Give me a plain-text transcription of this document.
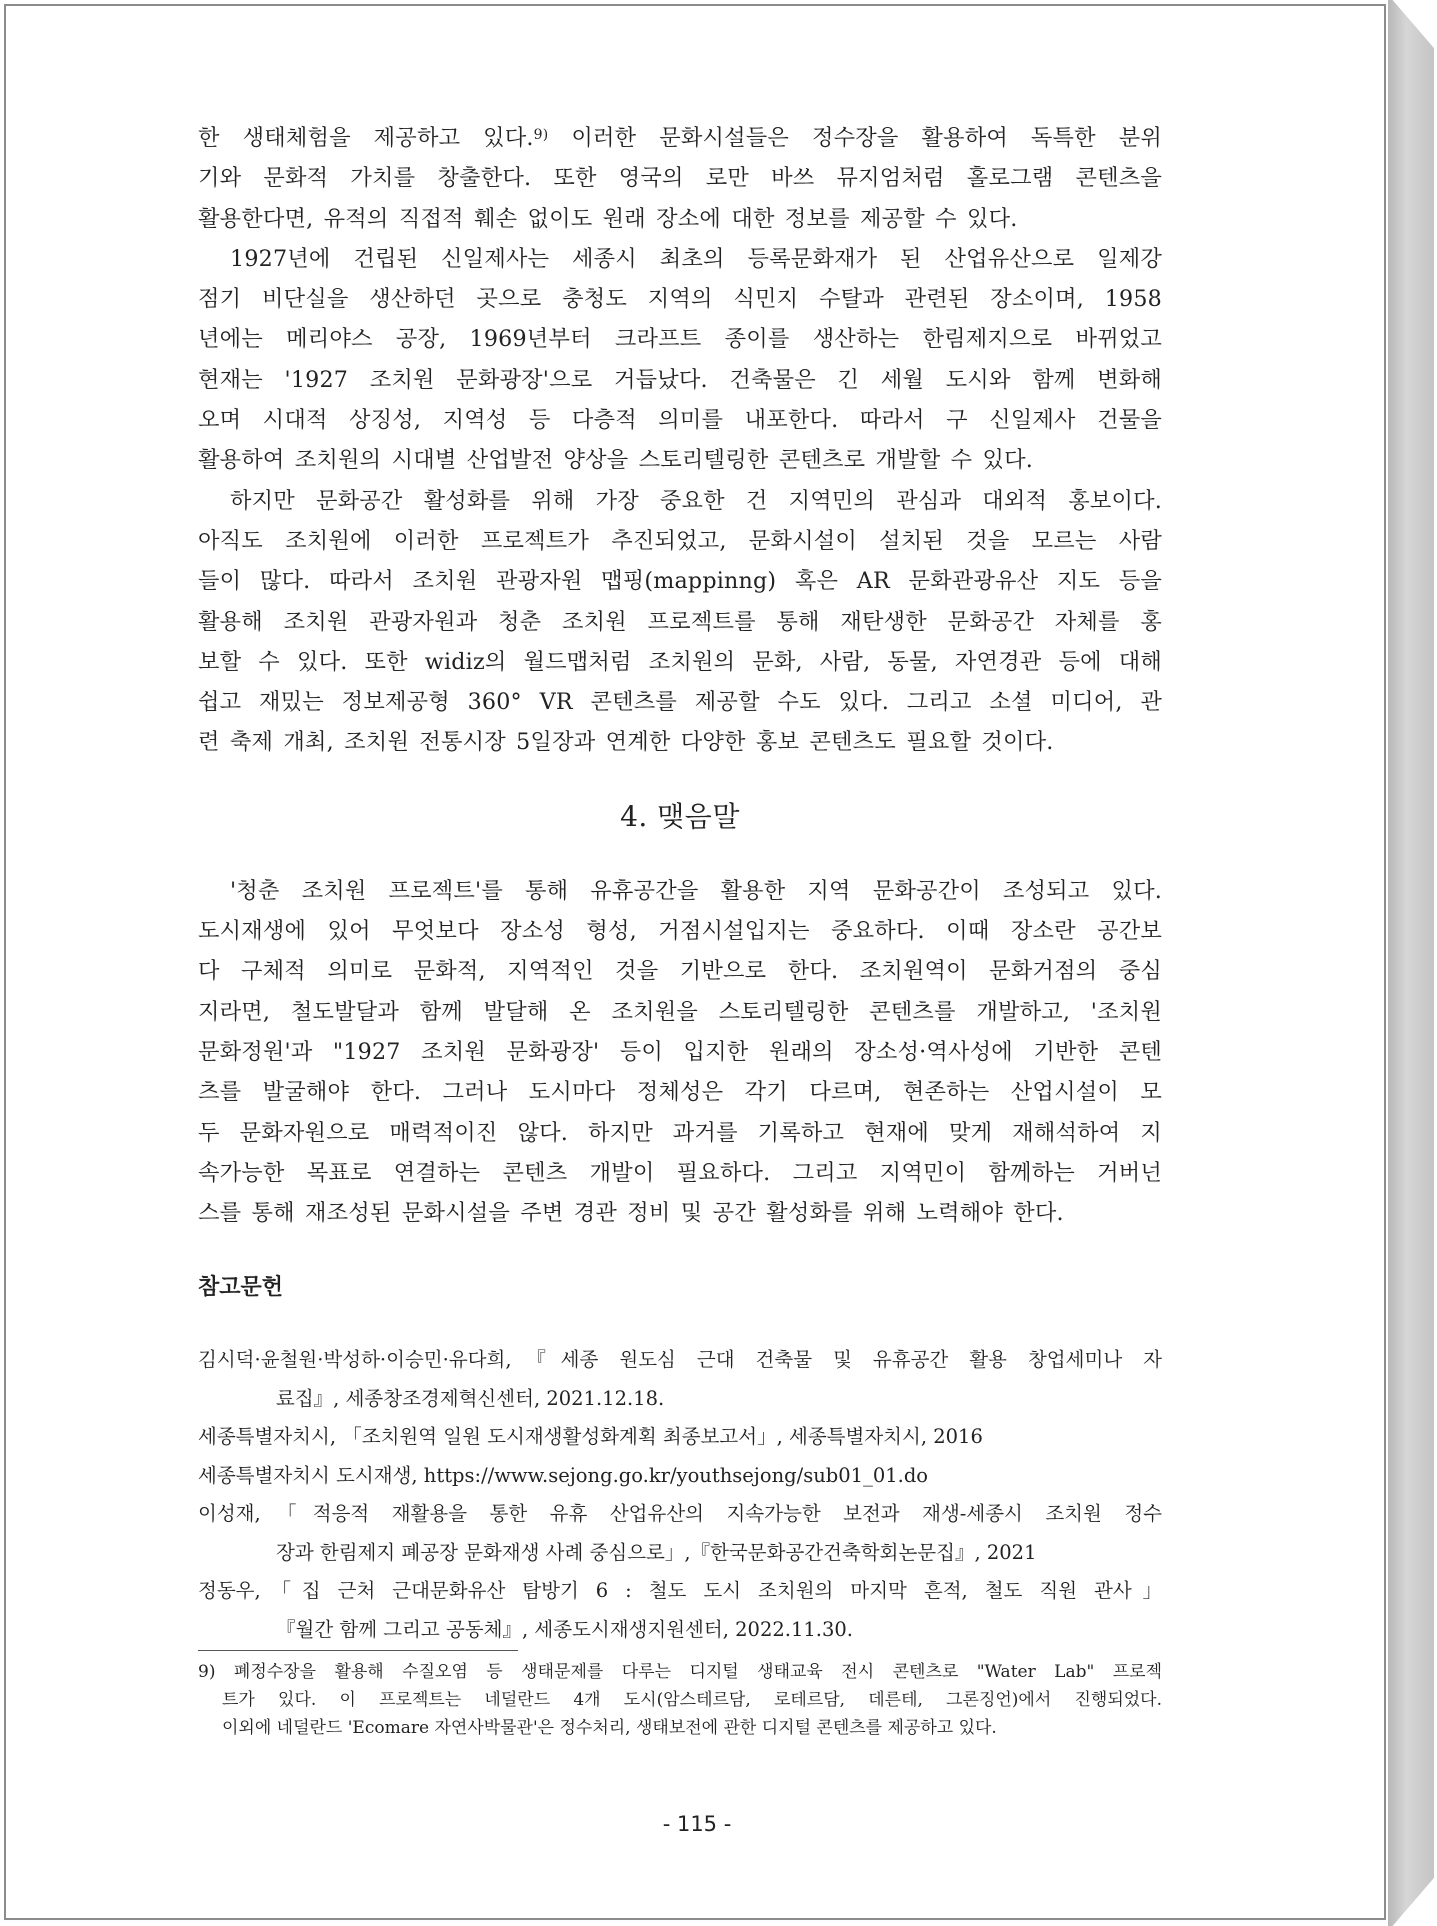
한 생태체험을 제공하고 있다.$^{9)}$ 이러한 문화시설들은 정수장을 활용하여 독특한 분위
기와 문화적 가치를 창출한다. 또한 영국의 로만 바쓰 뮤지엄처럼 홀로그램 콘텐츠을
활용한다면, 유적의 직접적 훼손 없이도 원래 장소에 대한 정보를 제공할 수 있다.

1927년에 건립된 신일제사는 세종시 최초의 등록문화재가 된 산업유산으로 일제강
점기 비단실을 생산하던 곳으로 충청도 지역의 식민지 수탈과 관련된 장소이며, 1958
년에는 메리야스 공장, 1969년부터 크라프트 종이를 생산하는 한림제지으로 바뀌었고
현재는 '1927 조치원 문화광장'으로 거듭났다. 건축물은 긴 세월 도시와 함께 변화해
오며 시대적 상징성, 지역성 등 다층적 의미를 내포한다. 따라서 구 신일제사 건물을
활용하여 조치원의 시대별 산업발전 양상을 스토리텔링한 콘텐츠로 개발할 수 있다.

하지만 문화공간 활성화를 위해 가장 중요한 건 지역민의 관심과 대외적 홍보이다.
아직도 조치원에 이러한 프로젝트가 추진되었고, 문화시설이 설치된 것을 모르는 사람
들이 많다. 따라서 조치원 관광자원 맵핑(mappinng) 혹은 AR 문화관광유산 지도 등을
활용해 조치원 관광자원과 청춘 조치원 프로젝트를 통해 재탄생한 문화공간 자체를 홍
보할 수 있다. 또한 widiz의 월드맵처럼 조치원의 문화, 사람, 동물, 자연경관 등에 대해
쉽고 재밌는 정보제공형 360° VR 콘텐츠를 제공할 수도 있다. 그리고 소셜 미디어, 관
련 축제 개최, 조치원 전통시장 5일장과 연계한 다양한 홍보 콘텐츠도 필요할 것이다.

4. 맺음말

'청춘 조치원 프로젝트'를 통해 유휴공간을 활용한 지역 문화공간이 조성되고 있다.
도시재생에 있어 무엇보다 장소성 형성, 거점시설입지는 중요하다. 이때 장소란 공간보
다 구체적 의미로 문화적, 지역적인 것을 기반으로 한다. 조치원역이 문화거점의 중심
지라면, 철도발달과 함께 발달해 온 조치원을 스토리텔링한 콘텐츠를 개발하고, '조치원
문화정원'과 "1927 조치원 문화광장' 등이 입지한 원래의 장소성·역사성에 기반한 콘텐
츠를 발굴해야 한다. 그러나 도시마다 정체성은 각기 다르며, 현존하는 산업시설이 모
두 문화자원으로 매력적이진 않다. 하지만 과거를 기록하고 현재에 맞게 재해석하여 지
속가능한 목표로 연결하는 콘텐츠 개발이 필요하다. 그리고 지역민이 함께하는 거버넌
스를 통해 재조성된 문화시설을 주변 경관 정비 및 공간 활성화를 위해 노력해야 한다.

참고문헌
김시덕·윤철원·박성하·이승민·유다희,『세종 원도심 근대 건축물 및 유휴공간 활용 창업세미나 자
료집』, 세종창조경제혁신센터, 2021.12.18.
세종특별자치시, 「조치원역 일원 도시재생활성화계획 최종보고서」, 세종특별자치시, 2016
세종특별자치시 도시재생, https://www.sejong.go.kr/youthsejong/sub01_01.do
이성재,「적응적 재활용을 통한 유휴 산업유산의 지속가능한 보전과 재생-세종시 조치원 정수
장과 한림제지 폐공장 문화재생 사례 중심으로」,『한국문화공간건축학회논문집』, 2021
정동우,「집 근처 근대문화유산 탐방기 6 : 철도 도시 조치원의 마지막 흔적, 철도 직원 관사」
『월간 함께 그리고 공동체』, 세종도시재생지원센터, 2022.11.30.

9) 폐정수장을 활용해 수질오염 등 생태문제를 다루는 디지털 생태교육 전시 콘텐츠로 "Water Lab" 프로젝
트가 있다. 이 프로젝트는 네덜란드 4개 도시(암스테르담, 로테르담, 데른테, 그론징언)에서 진행되었다.
이외에 네덜란드 'Ecomare 자연사박물관'은 정수처리, 생태보전에 관한 디지털 콘텐츠를 제공하고 있다.

- 115 -
